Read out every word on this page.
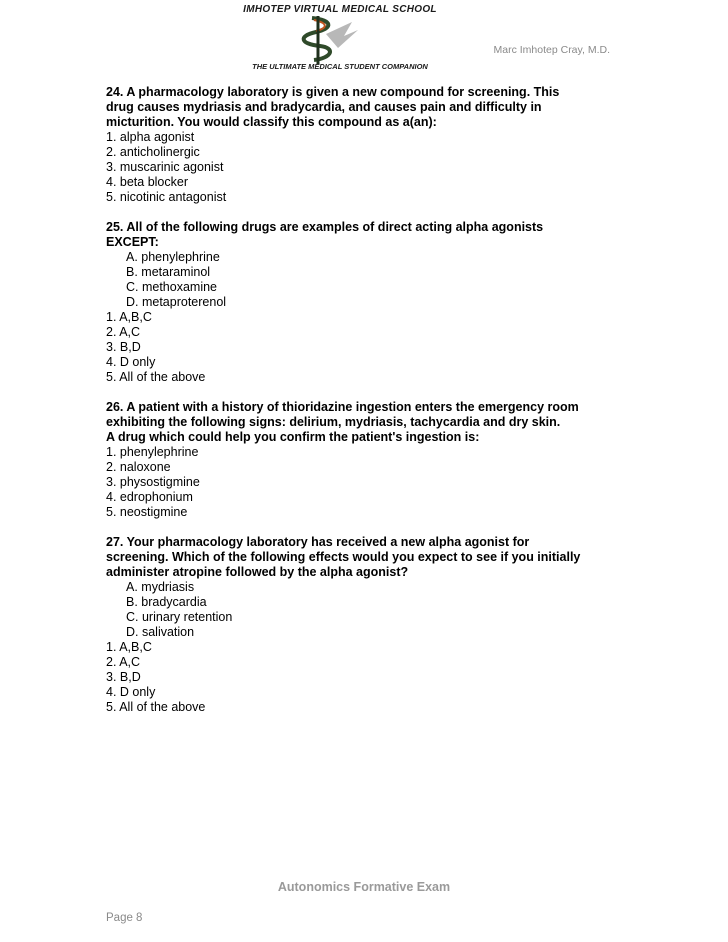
IMHOTEP VIRTUAL MEDICAL SCHOOL
THE ULTIMATE MEDICAL STUDENT COMPANION
Marc Imhotep Cray, M.D.
24. A pharmacology laboratory is given a new compound for screening. This
drug causes mydriasis and bradycardia, and causes pain and difficulty in
micturition. You would classify this compound as a(an):
1. alpha agonist
2. anticholinergic
3. muscarinic agonist
4. beta blocker
5. nicotinic antagonist
25. All of the following drugs are examples of direct acting alpha agonists
EXCEPT:
A. phenylephrine
B. metaraminol
C. methoxamine
D. metaproterenol
1. A,B,C
2. A,C
3. B,D
4. D only
5. All of the above
26. A patient with a history of thioridazine ingestion enters the emergency room
exhibiting the following signs: delirium, mydriasis, tachycardia and dry skin.
A drug which could help you confirm the patient's ingestion is:
1. phenylephrine
2. naloxone
3. physostigmine
4. edrophonium
5. neostigmine
27. Your pharmacology laboratory has received a new alpha agonist for
screening. Which of the following effects would you expect to see if you initially
administer atropine followed by the alpha agonist?
A. mydriasis
B. bradycardia
C. urinary retention
D. salivation
1. A,B,C
2. A,C
3. B,D
4. D only
5. All of the above
Autonomics Formative Exam
Page 8
